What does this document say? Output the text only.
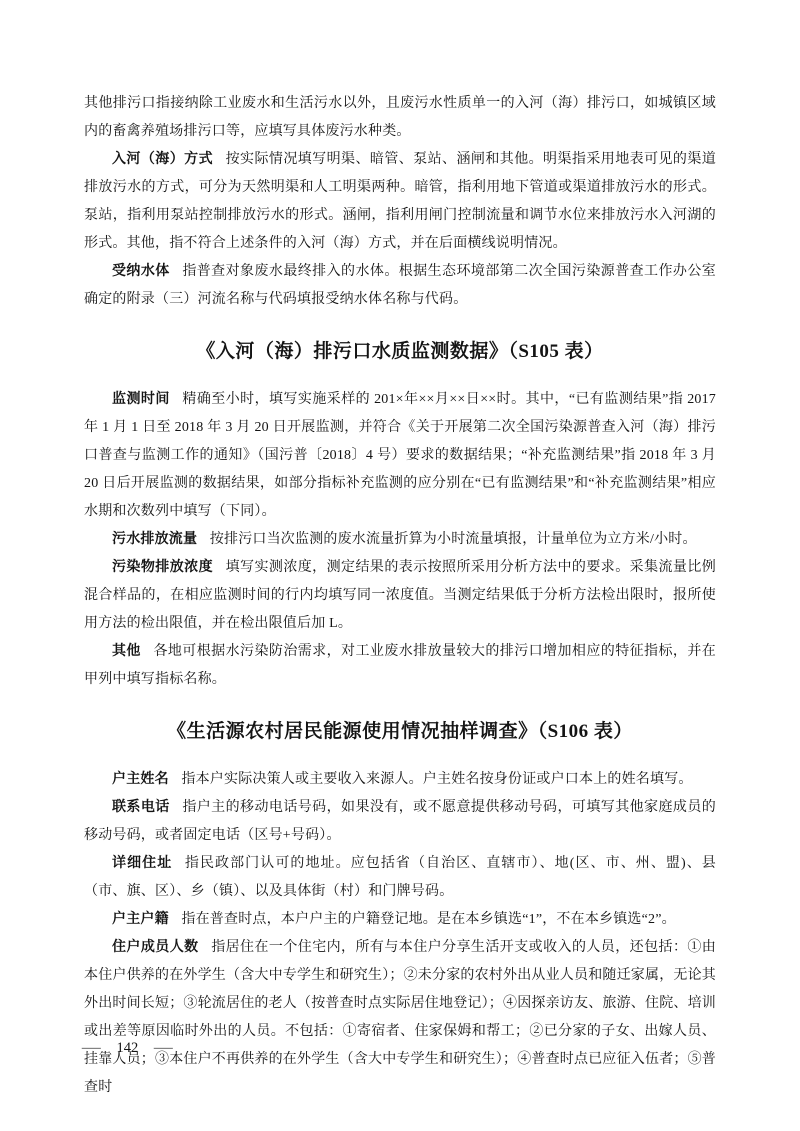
其他排污口指接纳除工业废水和生活污水以外，且废污水性质单一的入河（海）排污口，如城镇区域内的畜禽养殖场排污口等，应填写具体废污水种类。

入河（海）方式 按实际情况填写明渠、暗管、泵站、涵闸和其他。明渠指采用地表可见的渠道排放污水的方式，可分为天然明渠和人工明渠两种。暗管，指利用地下管道或渠道排放污水的形式。泵站，指利用泵站控制排放污水的形式。涵闸，指利用闸门控制流量和调节水位来排放污水入河湖的形式。其他，指不符合上述条件的入河（海）方式，并在后面横线说明情况。

受纳水体 指普查对象废水最终排入的水体。根据生态环境部第二次全国污染源普查工作办公室确定的附录（三）河流名称与代码填报受纳水体名称与代码。

《入河（海）排污口水质监测数据》（S105 表）

监测时间 精确至小时，填写实施采样的 201×年××月××日××时。其中，“已有监测结果”指 2017 年 1 月 1 日至 2018 年 3 月 20 日开展监测，并符合《关于开展第二次全国污染源普查入河（海）排污口普查与监测工作的通知》（国污普〔2018〕4 号）要求的数据结果；“补充监测结果”指 2018 年 3 月 20 日后开展监测的数据结果，如部分指标补充监测的应分别在“已有监测结果”和“补充监测结果”相应水期和次数列中填写（下同）。

污水排放流量 按排污口当次监测的废水流量折算为小时流量填报，计量单位为立方米/小时。

污染物排放浓度 填写实测浓度，测定结果的表示按照所采用分析方法中的要求。采集流量比例混合样品的，在相应监测时间的行内均填写同一浓度值。当测定结果低于分析方法检出限时，报所使用方法的检出限值，并在检出限值后加 L。

其他 各地可根据水污染防治需求，对工业废水排放量较大的排污口增加相应的特征指标，并在甲列中填写指标名称。

《生活源农村居民能源使用情况抽样调查》（S106 表）

户主姓名 指本户实际决策人或主要收入来源人。户主姓名按身份证或户口本上的姓名填写。

联系电话 指户主的移动电话号码，如果没有，或不愿意提供移动号码，可填写其他家庭成员的移动号码，或者固定电话（区号+号码）。

详细住址 指民政部门认可的地址。应包括省（自治区、直辖市）、地(区、市、州、盟)、县（市、旗、区）、乡（镇）、以及具体街（村）和门牌号码。

户主户籍 指在普查时点，本户户主的户籍登记地。是在本乡镇选“1”，不在本乡镇选“2”。

住户成员人数 指居住在一个住宅内，所有与本住户分享生活开支或收入的人员，还包括：①由本住户供养的在外学生（含大中专学生和研究生）；②未分家的农村外出从业人员和随迁家属，无论其外出时间长短；③轮流居住的老人（按普查时点实际居住地登记）；④因探亲访友、旅游、住院、培训或出差等原因临时外出的人员。不包括：①寄宿者、住家保姆和帮工；②已分家的子女、出嫁人员、挂靠人员；③本住户不再供养的在外学生（含大中专学生和研究生）；④普查时点已应征入伍者；⑤普查时

— 142 —
